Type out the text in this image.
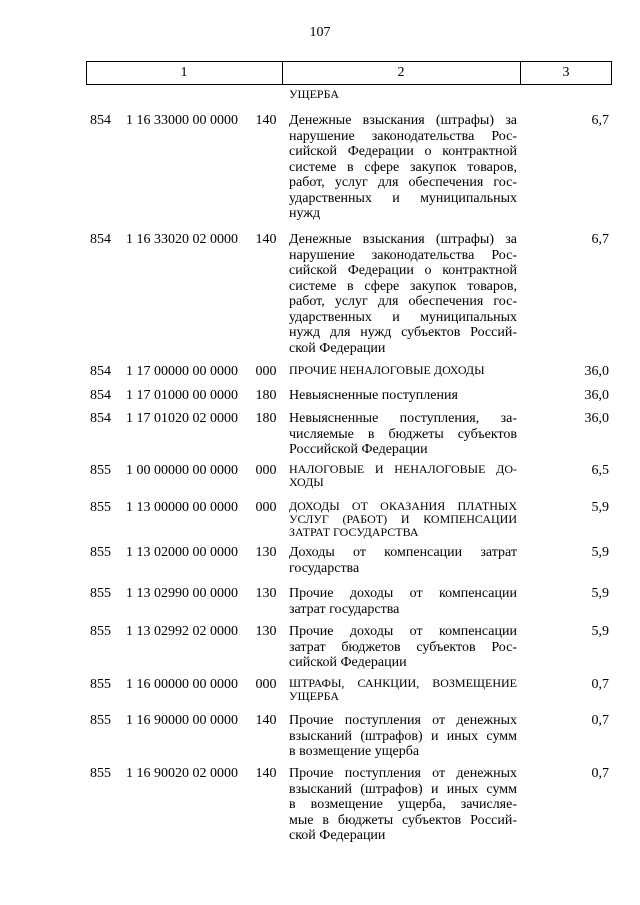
107
1	2	3
УЩЕРБА
854	1 16 33000 00 0000	140 Денежные взыскания (штрафы) за
нарушение законодательства Рос-
сийской Федерации о контрактной
системе в сфере закупок товаров,
работ, услуг для обеспечения гос-
ударственных и муниципальных
нужд
6,7
854	1 16 33020 02 0000	140 Денежные взыскания (штрафы) за
нарушение законодательства Рос-
сийской Федерации о контрактной
системе в сфере закупок товаров,
работ, услуг для обеспечения гос-
ударственных и муниципальных
нужд для нужд субъектов Россий-
ской Федерации
6,7
854	1 17 00000 00 0000	000	ПРОЧИЕ НЕНАЛОГОВЫЕ ДОХОДЫ	36,0
854	1 17 01000 00 0000	180 Невыясненные поступления	36,0
854	1 17 01020 02 0000	180 Невыясненные поступления, за-
числяемые в бюджеты субъектов
Российской Федерации
36,0
855	1 00 00000 00 0000	000	НАЛОГОВЫЕ И НЕНАЛОГОВЫЕ ДО-
ХОДЫ
6,5
855	1 13 00000 00 0000	000	ДОХОДЫ ОТ ОКАЗАНИЯ ПЛАТНЫХ
УСЛУГ (РАБОТ) И КОМПЕНСАЦИИ
ЗАТРАТ ГОСУДАРСТВА
5,9
855	1 13 02000 00 0000	130 Доходы от компенсации затрат
государства
5,9
855	1 13 02990 00 0000	130 Прочие доходы от компенсации
затрат государства
5,9
855	1 13 02992 02 0000	130 Прочие доходы от компенсации
затрат бюджетов субъектов Рос-
сийской Федерации
5,9
855	1 16 00000 00 0000	000	ШТРАФЫ, САНКЦИИ, ВОЗМЕЩЕНИЕ
УЩЕРБА
0,7
855	1 16 90000 00 0000	140 Прочие поступления от денежных
взысканий (штрафов) и иных сумм
в возмещение ущерба
0,7
855	1 16 90020 02 0000	140 Прочие поступления от денежных
взысканий (штрафов) и иных сумм
в возмещение ущерба, зачисляе-
мые в бюджеты субъектов Россий-
ской Федерации
0,7
